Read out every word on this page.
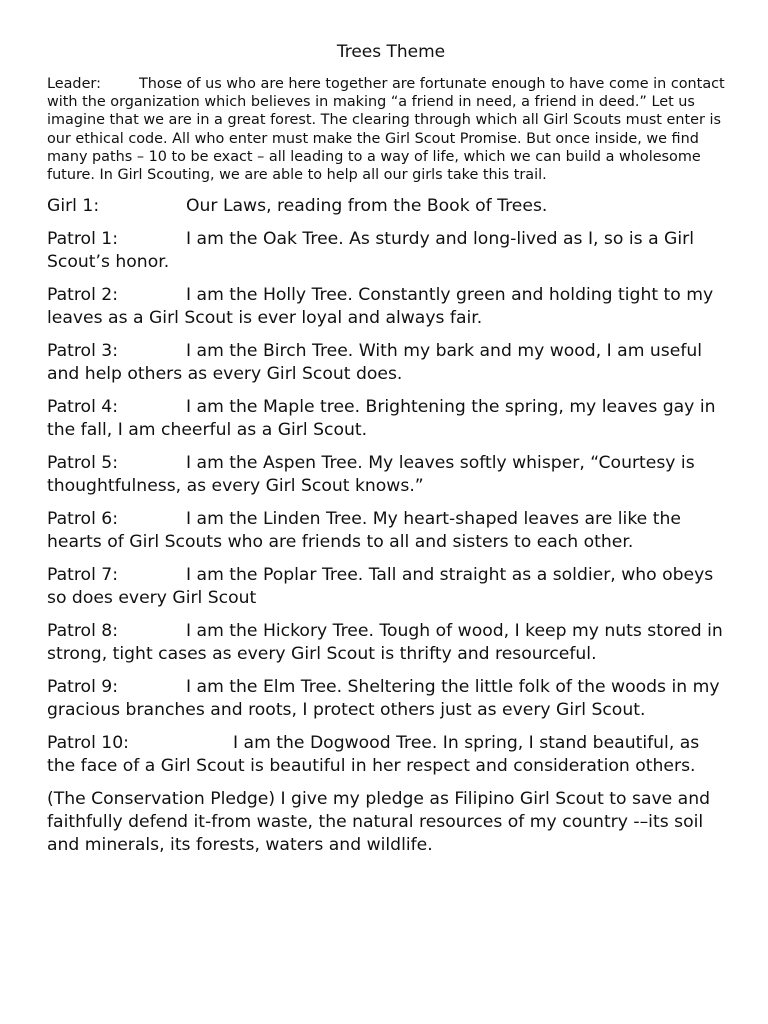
Trees Theme

Leader:	Those of us who are here together are fortunate enough to have come in contact with the organization which believes in making “a friend in need, a friend in deed.” Let us imagine that we are in a great forest. The clearing through which all Girl Scouts must enter is our ethical code. All who enter must make the Girl Scout Promise. But once inside, we find many paths – 10 to be exact – all leading to a way of life, which we can build a wholesome future. In Girl Scouting, we are able to help all our girls take this trail.

Girl 1:	Our Laws, reading from the Book of Trees.

Patrol 1:	I am the Oak Tree. As sturdy and long-lived as I, so is a Girl Scout’s honor.

Patrol 2:	I am the Holly Tree. Constantly green and holding tight to my leaves as a Girl Scout is ever loyal and always fair.

Patrol 3:	I am the Birch Tree. With my bark and my wood, I am useful and help others as every Girl Scout does.

Patrol 4:	I am the Maple tree. Brightening the spring, my leaves gay in the fall, I am cheerful as a Girl Scout.

Patrol 5:	I am the Aspen Tree. My leaves softly whisper, “Courtesy is thoughtfulness, as every Girl Scout knows.”

Patrol 6:	I am the Linden Tree. My heart-shaped leaves are like the hearts of Girl Scouts who are friends to all and sisters to each other.

Patrol 7:	I am the Poplar Tree. Tall and straight as a soldier, who obeys so does every Girl Scout

Patrol 8:	I am the Hickory Tree. Tough of wood, I keep my nuts stored in strong, tight cases as every Girl Scout is thrifty and resourceful.

Patrol 9:	I am the Elm Tree. Sheltering the little folk of the woods in my gracious branches and roots, I protect others just as every Girl Scout.

Patrol 10:	I am the Dogwood Tree. In spring, I stand beautiful, as the face of a Girl Scout is beautiful in her respect and consideration others.

(The Conservation Pledge) I give my pledge as Filipino Girl Scout to save and faithfully defend it-from waste, the natural resources of my country -–its soil and minerals, its forests, waters and wildlife.
